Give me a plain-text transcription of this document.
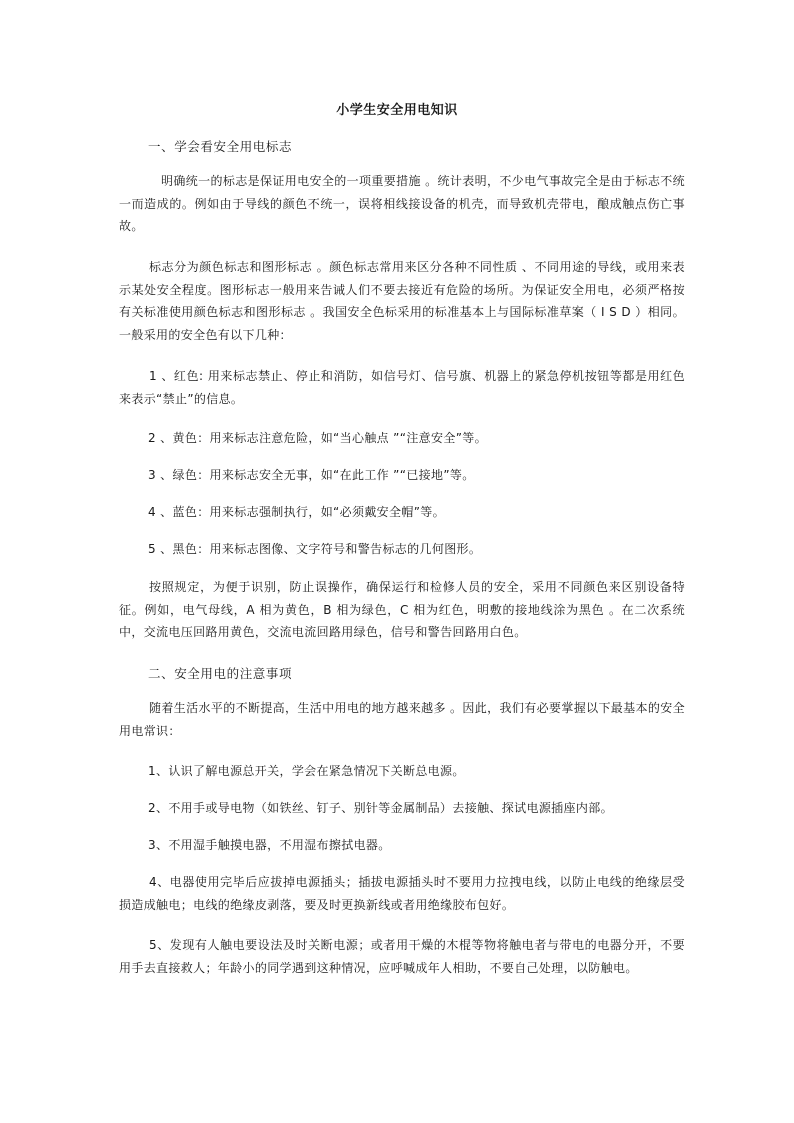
小学生安全用电知识
一、学会看安全用电标志
明确统一的标志是保证用电安全的一项重要措施 。统计表明，不少电气事故完全是由于标志不统一而造成的。例如由于导线的颜色不统一，误将相线接设备的机壳，而导致机壳带电，酿成触点伤亡事故。
标志分为颜色标志和图形标志 。颜色标志常用来区分各种不同性质 、不同用途的导线，或用来表示某处安全程度。图形标志一般用来告诫人们不要去接近有危险的场所。为保证安全用电，必须严格按有关标准使用颜色标志和图形标志 。我国安全色标采用的标准基本上与国际标准草案（ I S D ）相同。一般采用的安全色有以下几种：
1 、红色: 用来标志禁止、停止和消防，如信号灯、信号旗、机器上的紧急停机按钮等都是用红色来表示“禁止”的信息。
2 、黄色：用来标志注意危险，如“当心触点 ”“注意安全”等。
3 、绿色：用来标志安全无事，如“在此工作 ”“已接地”等。
4 、蓝色：用来标志强制执行，如“必须戴安全帽”等。
5 、黑色：用来标志图像、文字符号和警告标志的几何图形。
按照规定，为便于识别，防止误操作，确保运行和检修人员的安全，采用不同颜色来区别设备特征。例如，电气母线，A 相为黄色，B 相为绿色，C 相为红色，明敷的接地线涂为黑色 。在二次系统中，交流电压回路用黄色，交流电流回路用绿色，信号和警告回路用白色。
二、安全用电的注意事项
随着生活水平的不断提高，生活中用电的地方越来越多 。因此，我们有必要掌握以下最基本的安全用电常识：
1、认识了解电源总开关，学会在紧急情况下关断总电源。
2、不用手或导电物（如铁丝、钉子、别针等金属制品）去接触、探试电源插座内部。
3、不用湿手触摸电器，不用湿布擦拭电器。
4、电器使用完毕后应拔掉电源插头；插拔电源插头时不要用力拉拽电线，以防止电线的绝缘层受损造成触电；电线的绝缘皮剥落，要及时更换新线或者用绝缘胶布包好。
5、发现有人触电要设法及时关断电源；或者用干燥的木棍等物将触电者与带电的电器分开，不要用手去直接救人；年龄小的同学遇到这种情况，应呼喊成年人相助，不要自己处理，以防触电。
